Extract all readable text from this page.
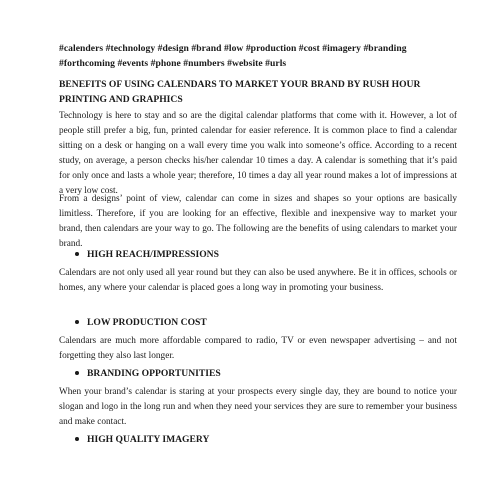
#calenders #technology #design #brand #low #production #cost #imagery #branding #forthcoming #events #phone #numbers #website #urls
BENEFITS OF USING CALENDARS TO MARKET YOUR BRAND BY RUSH HOUR PRINTING AND GRAPHICS
Technology is here to stay and so are the digital calendar platforms that come with it. However, a lot of people still prefer a big, fun, printed calendar for easier reference. It is common place to find a calendar sitting on a desk or hanging on a wall every time you walk into someone’s office. According to a recent study, on average, a person checks his/her calendar 10 times a day. A calendar is something that it’s paid for only once and lasts a whole year; therefore, 10 times a day all year round makes a lot of impressions at a very low cost.
From a designs’ point of view, calendar can come in sizes and shapes so your options are basically limitless. Therefore, if you are looking for an effective, flexible and inexpensive way to market your brand, then calendars are your way to go. The following are the benefits of using calendars to market your brand.
HIGH REACH/IMPRESSIONS
Calendars are not only used all year round but they can also be used anywhere. Be it in offices, schools or homes, any where your calendar is placed goes a long way in promoting your business.
LOW PRODUCTION COST
Calendars are much more affordable compared to radio, TV or even newspaper advertising – and not forgetting they also last longer.
BRANDING OPPORTUNITIES
When your brand’s calendar is staring at your prospects every single day, they are bound to notice your slogan and logo in the long run and when they need your services they are sure to remember your business and make contact.
HIGH QUALITY IMAGERY
